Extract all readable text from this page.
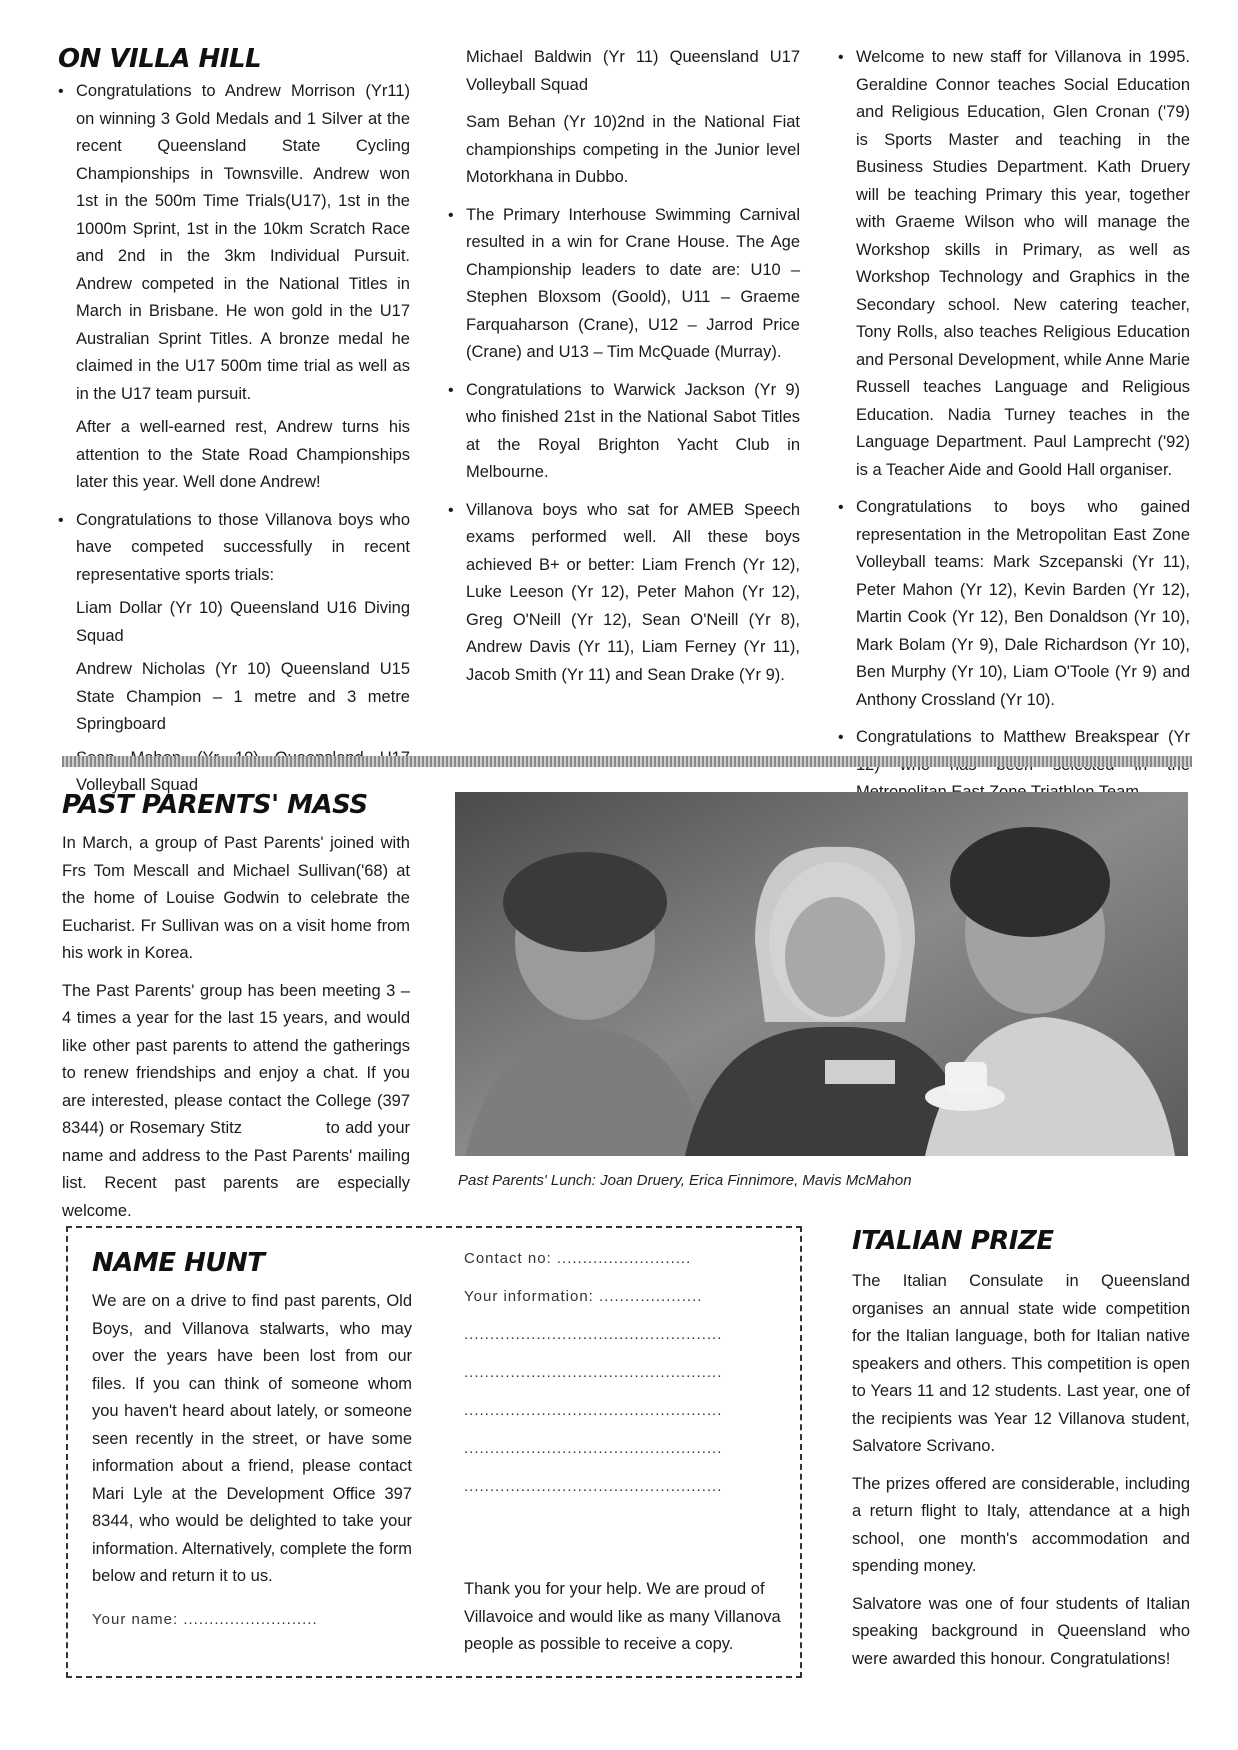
ON VILLA HILL

• Congratulations to Andrew Morrison (Yr11) on winning 3 Gold Medals and 1 Silver at the recent Queensland State Cycling Championships in Townsville. Andrew won 1st in the 500m Time Trials(U17), 1st in the 1000m Sprint, 1st in the 10km Scratch Race and 2nd in the 3km Individual Pursuit. Andrew competed in the National Titles in March in Brisbane. He won gold in the U17 Australian Sprint Titles. A bronze medal he claimed in the U17 500m time trial as well as in the U17 team pursuit.

After a well-earned rest, Andrew turns his attention to the State Road Championships later this year. Well done Andrew!

• Congratulations to those Villanova boys who have competed successfully in recent representative sports trials:

Liam Dollar (Yr 10) Queensland U16 Diving Squad

Andrew Nicholas (Yr 10) Queensland U15 State Champion – 1 metre and 3 metre Springboard

Volleyball Squad

Michael Baldwin (Yr 11) Queensland U17 Volleyball Squad

Sam Behan (Yr 10)2nd in the National Fiat championships competing in the Junior level Motorkhana in Dubbo.

• The Primary Interhouse Swimming Carnival resulted in a win for Crane House. The Age Championship leaders to date are: U10 – Stephen Bloxsom (Goold), U11 – Graeme Farquaharson (Crane), U12 – Jarrod Price (Crane) and U13 – Tim McQuade (Murray).

• Congratulations to Warwick Jackson (Yr 9) who finished 21st in the National Sabot Titles at the Royal Brighton Yacht Club in Melbourne.

• Villanova boys who sat for AMEB Speech exams performed well. All these boys achieved B+ or better: Liam French (Yr 12), Luke Leeson (Yr 12), Peter Mahon (Yr 12), Greg O'Neill (Yr 12), Sean O'Neill (Yr 8), Andrew Davis (Yr 11), Liam Ferney (Yr 11), Jacob Smith (Yr 11) and Sean Drake (Yr 9).

• Welcome to new staff for Villanova in 1995. Geraldine Connor teaches Social Education and Religious Education, Glen Cronan ('79) is Sports Master and teaching in the Business Studies Department. Kath Druery will be teaching Primary this year, together with Graeme Wilson who will manage the Workshop skills in Primary, as well as Workshop Technology and Graphics in the Secondary school. New catering teacher, Tony Rolls, also teaches Religious Education and Personal Development, while Anne Marie Russell teaches Language and Religious Education. Nadia Turney teaches in the Language Department. Paul Lamprecht ('92) is a Teacher Aide and Goold Hall organiser.

• Congratulations to boys who gained representation in the Metropolitan East Zone Volleyball teams: Mark Szcepanski (Yr 11), Peter Mahon (Yr 12), Kevin Barden (Yr 12), Martin Cook (Yr 12), Ben Donaldson (Yr 10), Mark Bolam (Yr 9), Dale Richardson (Yr 10), Ben Murphy (Yr 10), Liam O'Toole (Yr 9) and Anthony Crossland (Yr 10).

• Congratulations to Matthew Breakspear (Yr

PAST PARENTS' MASS

In March, a group of Past Parents' joined with Frs Tom Mescall and Michael Sullivan('68) at the home of Louise Godwin to celebrate the Eucharist. Fr Sullivan was on a visit home from his work in Korea.

The Past Parents' group has been meeting 3 – 4 times a year for the last 15 years, and would like other past parents to attend the gatherings to renew friendships and enjoy a chat. If you are interested, please contact the College (397 8344) or Rosemary Stitz	to add your name and address to the Past Parents' mailing list. Recent past parents are especially welcome.

Past Parents' Lunch: Joan Druery, Erica Finnimore, Mavis McMahon
NAME HUNT

We are on a drive to find past parents, Old Boys, and Villanova stalwarts, who may over the years have been lost from our files. If you can think of someone whom you haven't heard about lately, or someone seen recently in the street, or have some information about a friend, please contact Mari Lyle at the Development Office 397 8344, who would be delighted to take your information. Alternatively, complete the form below and return it to us.

Your name: ..........................
Contact no: ..........................
Your information: ....................
..................................................
..................................................
..................................................
..................................................
..................................................

Thank you for your help. We are proud of Villavoice and would like as many Villanova people as possible to receive a copy.

ITALIAN PRIZE

The Italian Consulate in Queensland organises an annual state wide competition for the Italian language, both for Italian native speakers and others. This competition is open to Years 11 and 12 students. Last year, one of the recipients was Year 12 Villanova student, Salvatore Scrivano.

The prizes offered are considerable, including a return flight to Italy, attendance at a high school, one month's accommodation and spending money.

Salvatore was one of four students of Italian speaking background in Queensland who were awarded this honour. Congratulations!
